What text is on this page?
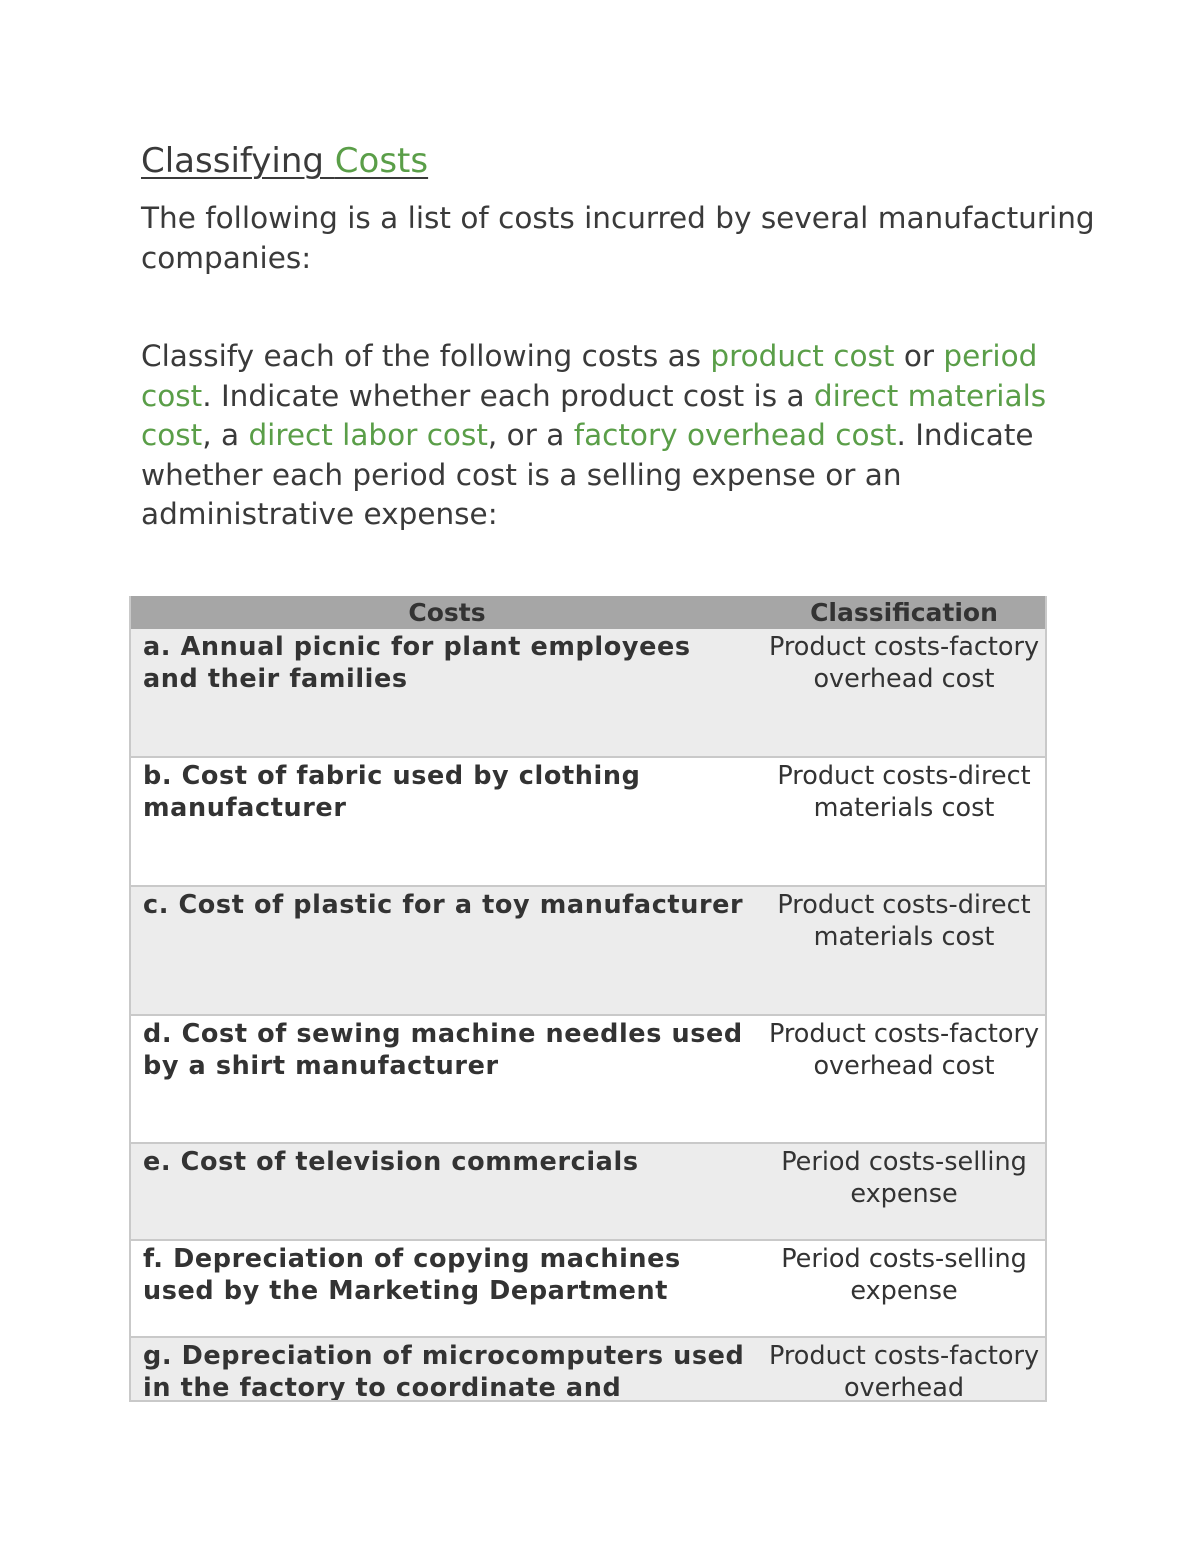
Classifying Costs

The following is a list of costs incurred by several manufacturing companies:

Classify each of the following costs as product cost or period cost. Indicate whether each product cost is a direct materials cost, a direct labor cost, or a factory overhead cost. Indicate whether each period cost is a selling expense or an administrative expense:

Costs	Classification
a. Annual picnic for plant employees and their families	Product costs-factory overhead cost
b. Cost of fabric used by clothing manufacturer	Product costs-direct materials cost
c. Cost of plastic for a toy manufacturer	Product costs-direct materials cost
d. Cost of sewing machine needles used by a shirt manufacturer	Product costs-factory overhead cost
e. Cost of television commercials	Period costs-selling expense
f. Depreciation of copying machines used by the Marketing Department	Period costs-selling expense
g. Depreciation of microcomputers used in the factory to coordinate and	Product costs-factory overhead
